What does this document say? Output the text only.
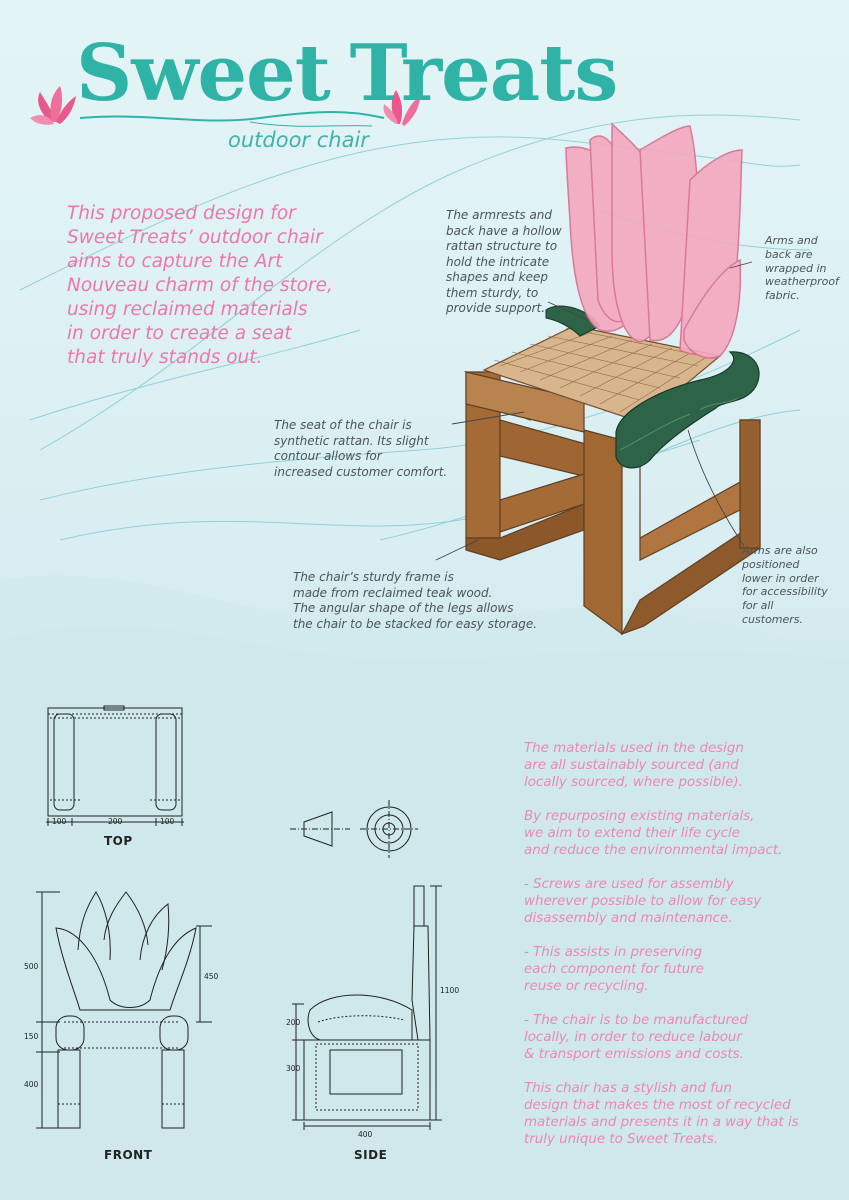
Sweet Treats
outdoor chair

This proposed design for
Sweet Treats’ outdoor chair
aims to capture the Art
Nouveau charm of the store,
using reclaimed materials
in order to create a seat
that truly stands out.

The armrests and
back have a hollow
rattan structure to
hold the intricate
shapes and keep
them sturdy, to
provide support.

Arms and
back are
wrapped in
weatherproof
fabric.

The seat of the chair is
synthetic rattan. Its slight
contour allows for
increased customer comfort.

The chair’s sturdy frame is
made from reclaimed teak wood.
The angular shape of the legs allows
the chair to be stacked for easy storage.

Arms are also
positioned
lower in order
for accessibility
for all
customers.

The materials used in the design
are all sustainably sourced (and
locally sourced, where possible).

By repurposing existing materials,
we aim to extend their life cycle
and reduce the environmental impact.

- Screws are used for assembly
wherever possible to allow for easy
disassembly and maintenance.

- This assists in preserving
each component for future
reuse or recycling.

- The chair is to be manufactured
locally, in order to reduce labour
& transport emissions and costs.

This chair has a stylish and fun
design that makes the most of recycled
materials and presents it in a way that is
truly unique to Sweet Treats.

TOP
100	200	100
FRONT
500
450
150
400
SIDE
1100
200
300
400
